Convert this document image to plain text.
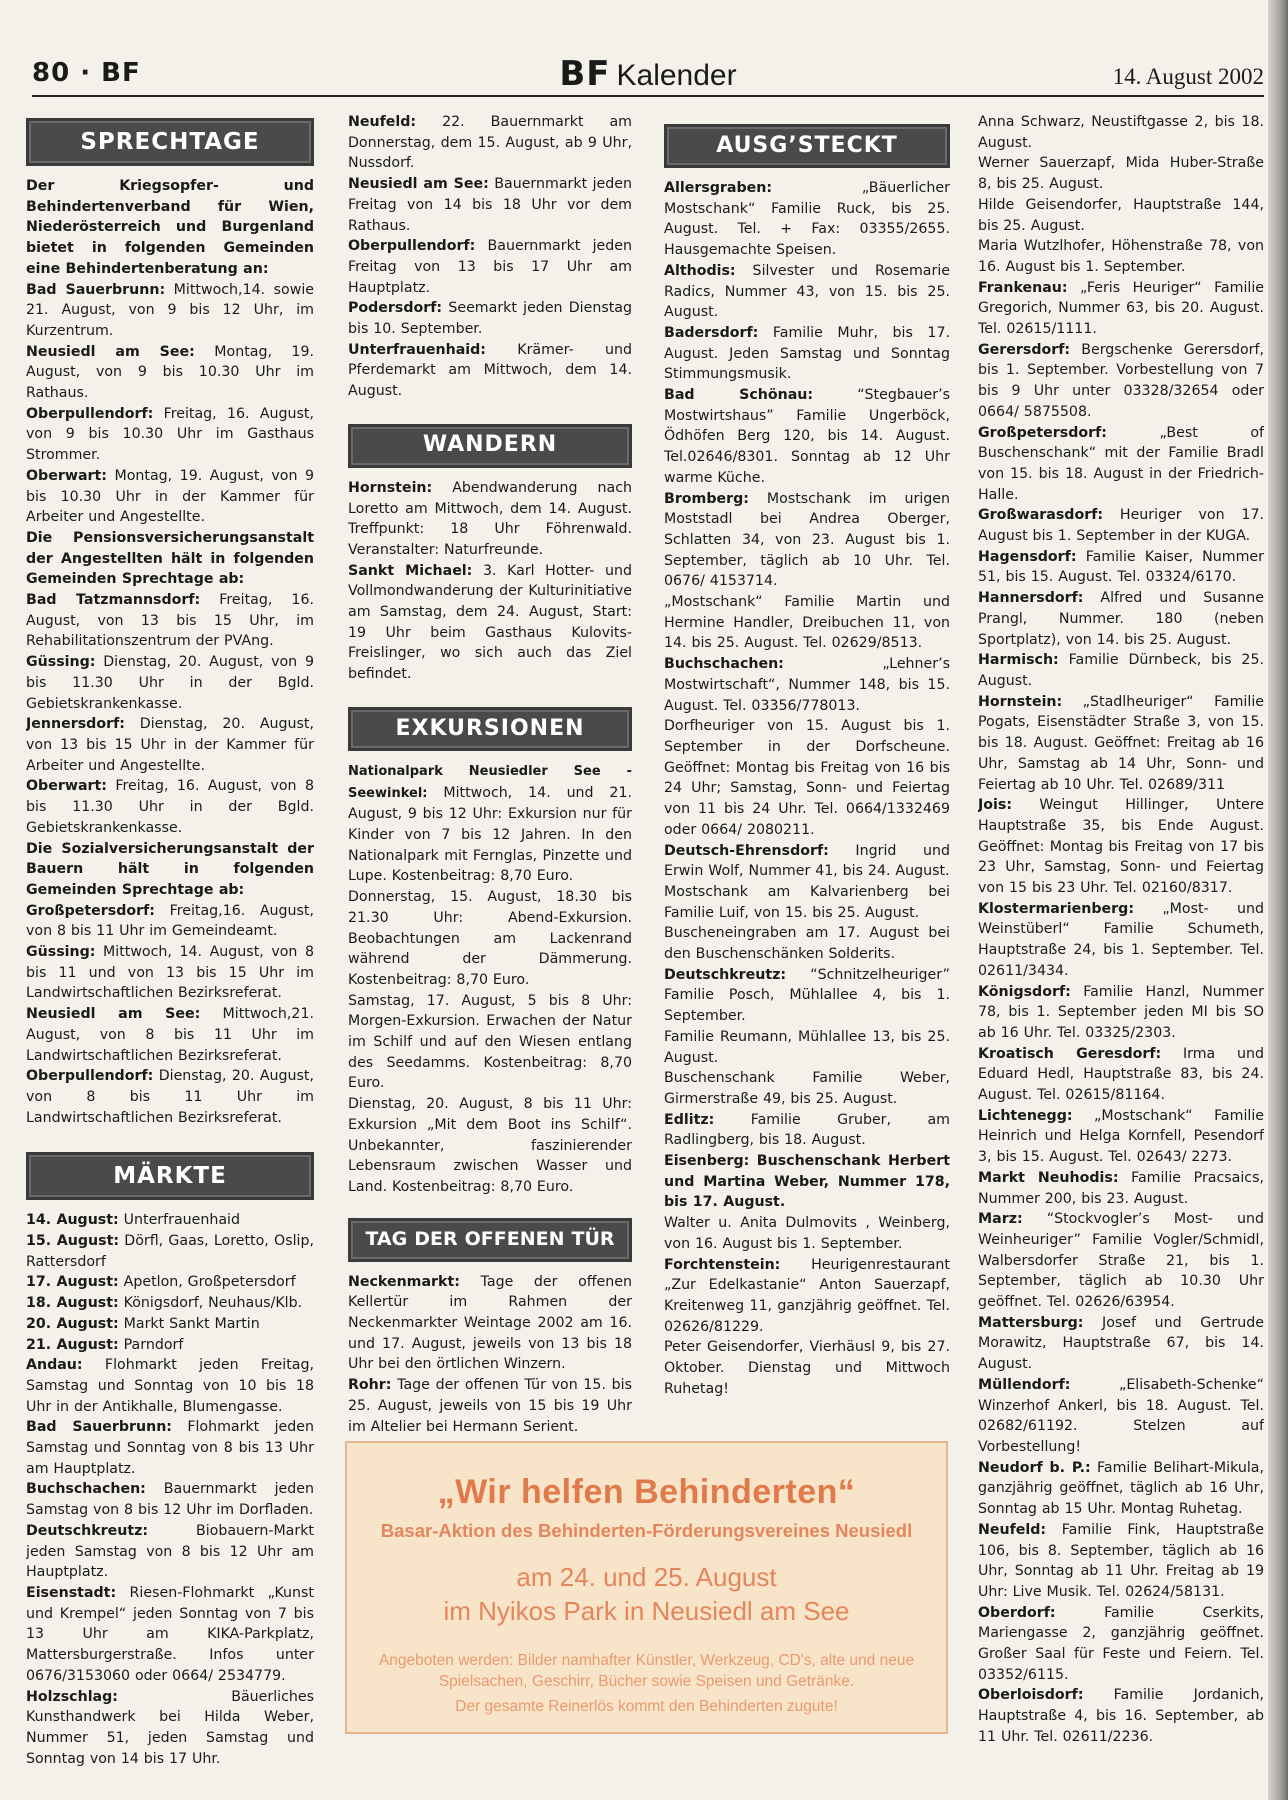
80 · BF	BF Kalender	14. August 2002
SPRECHTAGE

Der Kriegsopfer- und Behindertenverband für Wien, Niederösterreich und Burgenland bietet in folgenden Gemeinden eine Behindertenberatung an:

Bad Sauerbrunn: Mittwoch,14. sowie 21. August, von 9 bis 12 Uhr, im Kurzentrum.

Neusiedl am See: Montag, 19. August, von 9 bis 10.30 Uhr im Rathaus.

Oberpullendorf: Freitag, 16. August, von 9 bis 10.30 Uhr im Gasthaus Strommer.

Oberwart: Montag, 19. August, von 9 bis 10.30 Uhr in der Kammer für Arbeiter und Angestellte.

Die Pensionsversicherungsanstalt der Angestellten hält in folgenden Gemeinden Sprechtage ab:

Bad Tatzmannsdorf: Freitag, 16. August, von 13 bis 15 Uhr, im Rehabilitationszentrum der PVAng.

Güssing: Dienstag, 20. August, von 9 bis 11.30 Uhr in der Bgld. Gebietskrankenkasse.

Jennersdorf: Dienstag, 20. August, von 13 bis 15 Uhr in der Kammer für Arbeiter und Angestellte.

Oberwart: Freitag, 16. August, von 8 bis 11.30 Uhr in der Bgld. Gebietskrankenkasse.

Die Sozialversicherungsanstalt der Bauern hält in folgenden Gemeinden Sprechtage ab:

Großpetersdorf: Freitag,16. August, von 8 bis 11 Uhr im Gemeindeamt.

Güssing: Mittwoch, 14. August, von 8 bis 11 und von 13 bis 15 Uhr im Landwirtschaftlichen Bezirksreferat.

Neusiedl am See: Mittwoch,21. August, von 8 bis 11 Uhr im Landwirtschaftlichen Bezirksreferat.

Oberpullendorf: Dienstag, 20. August, von 8 bis 11 Uhr im Landwirtschaftlichen Bezirksreferat.

MÄRKTE

14. August: Unterfrauenhaid

15. August: Dörfl, Gaas, Loretto, Oslip, Rattersdorf

17. August: Apetlon, Großpetersdorf

18. August: Königsdorf, Neuhaus/Klb.

20. August: Markt Sankt Martin

21. August: Parndorf

Andau: Flohmarkt jeden Freitag, Samstag und Sonntag von 10 bis 18 Uhr in der Antikhalle, Blumengasse.

Bad Sauerbrunn: Flohmarkt jeden Samstag und Sonntag von 8 bis 13 Uhr am Hauptplatz.

Buchschachen: Bauernmarkt jeden Samstag von 8 bis 12 Uhr im Dorfladen.

Deutschkreutz: Biobauern-Markt jeden Samstag von 8 bis 12 Uhr am Hauptplatz.

Eisenstadt: Riesen-Flohmarkt „Kunst und Krempel“ jeden Sonntag von 7 bis 13 Uhr am KIKA-Parkplatz, Mattersburgerstraße. Infos unter 0676/3153060 oder 0664/ 2534779.

Holzschlag: Bäuerliches Kunsthandwerk bei Hilda Weber, Nummer 51, jeden Samstag und Sonntag von 14 bis 17 Uhr.

Neufeld: 22. Bauernmarkt am Donnerstag, dem 15. August, ab 9 Uhr, Nussdorf.

Neusiedl am See: Bauernmarkt jeden Freitag von 14 bis 18 Uhr vor dem Rathaus.

Oberpullendorf: Bauernmarkt jeden Freitag von 13 bis 17 Uhr am Hauptplatz.

Podersdorf: Seemarkt jeden Dienstag bis 10. September.

Unterfrauenhaid: Krämer- und Pferdemarkt am Mittwoch, dem 14. August.

WANDERN

Hornstein: Abendwanderung nach Loretto am Mittwoch, dem 14. August. Treffpunkt: 18 Uhr Föhrenwald. Veranstalter: Naturfreunde.

Sankt Michael: 3. Karl Hotter- und Vollmondwanderung der Kulturinitiative am Samstag, dem 24. August, Start: 19 Uhr beim Gasthaus Kulovits-Freislinger, wo sich auch das Ziel befindet.

EXKURSIONEN

Nationalpark Neusiedler See - Seewinkel: Mittwoch, 14. und 21. August, 9 bis 12 Uhr: Exkursion nur für Kinder von 7 bis 12 Jahren. In den Nationalpark mit Fernglas, Pinzette und Lupe. Kostenbeitrag: 8,70 Euro.

Donnerstag, 15. August, 18.30 bis 21.30 Uhr: Abend-Exkursion. Beobachtungen am Lackenrand während der Dämmerung. Kostenbeitrag: 8,70 Euro.

Samstag, 17. August, 5 bis 8 Uhr: Morgen-Exkursion. Erwachen der Natur im Schilf und auf den Wiesen entlang des Seedamms. Kostenbeitrag: 8,70 Euro.

Dienstag, 20. August, 8 bis 11 Uhr: Exkursion „Mit dem Boot ins Schilf“. Unbekannter, faszinierender Lebensraum zwischen Wasser und Land. Kostenbeitrag: 8,70 Euro.

TAG DER OFFENEN TÜR

Neckenmarkt: Tage der offenen Kellertür im Rahmen der Neckenmarkter Weintage 2002 am 16. und 17. August, jeweils von 13 bis 18 Uhr bei den örtlichen Winzern.

Rohr: Tage der offenen Tür von 15. bis 25. August, jeweils von 15 bis 19 Uhr im Altelier bei Hermann Serient.

AUSG’STECKT

Allersgraben: „Bäuerlicher Mostschank“ Familie Ruck, bis 25. August. Tel. + Fax: 03355/2655. Hausgemachte Speisen.

Althodis: Silvester und Rosemarie Radics, Nummer 43, von 15. bis 25. August.

Badersdorf: Familie Muhr, bis 17. August. Jeden Samstag und Sonntag Stimmungsmusik.

Bad Schönau: “Stegbauer’s Mostwirtshaus” Familie Ungerböck, Ödhöfen Berg 120, bis 14. August. Tel.02646/8301. Sonntag ab 12 Uhr warme Küche.

Bromberg: Mostschank im urigen Moststadl bei Andrea Oberger, Schlatten 34, von 23. August bis 1. September, täglich ab 10 Uhr. Tel. 0676/ 4153714.

„Mostschank“ Familie Martin und Hermine Handler, Dreibuchen 11, von 14. bis 25. August. Tel. 02629/8513.

Buchschachen: „Lehner’s Mostwirtschaft“, Nummer 148, bis 15. August. Tel. 03356/778013.

Dorfheuriger von 15. August bis 1. September in der Dorfscheune. Geöffnet: Montag bis Freitag von 16 bis 24 Uhr; Samstag, Sonn- und Feiertag von 11 bis 24 Uhr. Tel. 0664/1332469 oder 0664/ 2080211.

Deutsch-Ehrensdorf: Ingrid und Erwin Wolf, Nummer 41, bis 24. August.

Mostschank am Kalvarienberg bei Familie Luif, von 15. bis 25. August.

Buscheneingraben am 17. August bei den Buschenschänken Solderits.

Deutschkreutz: “Schnitzelheuriger” Familie Posch, Mühlallee 4, bis 1. September.

Familie Reumann, Mühlallee 13, bis 25. August.

Buschenschank Familie Weber, Girmerstraße 49, bis 25. August.

Edlitz: Familie Gruber, am Radlingberg, bis 18. August.

Eisenberg: Buschenschank Herbert und Martina Weber, Nummer 178, bis 17. August.

Walter u. Anita Dulmovits , Weinberg, von 16. August bis 1. September.

Forchtenstein: Heurigenrestaurant „Zur Edelkastanie“ Anton Sauerzapf, Kreitenweg 11, ganzjährig geöffnet. Tel. 02626/81229.

Peter Geisendorfer, Vierhäusl 9, bis 27. Oktober. Dienstag und Mittwoch Ruhetag!

Anna Schwarz, Neustiftgasse 2, bis 18. August.

Werner Sauerzapf, Mida Huber-Straße 8, bis 25. August.

Hilde Geisendorfer, Hauptstraße 144, bis 25. August.

Maria Wutzlhofer, Höhenstraße 78, von 16. August bis 1. September.

Frankenau: „Feris Heuriger“ Familie Gregorich, Nummer 63, bis 20. August. Tel. 02615/1111.

Gerersdorf: Bergschenke Gerersdorf, bis 1. September. Vorbestellung von 7 bis 9 Uhr unter 03328/32654 oder 0664/ 5875508.

Großpetersdorf: „Best of Buschenschank“ mit der Familie Bradl von 15. bis 18. August in der Friedrich-Halle.

Großwarasdorf: Heuriger von 17. August bis 1. September in der KUGA.

Hagensdorf: Familie Kaiser, Nummer 51, bis 15. August. Tel. 03324/6170.

Hannersdorf: Alfred und Susanne Prangl, Nummer. 180 (neben Sportplatz), von 14. bis 25. August.

Harmisch: Familie Dürnbeck, bis 25. August.

Hornstein: „Stadlheuriger“ Familie Pogats, Eisenstädter Straße 3, von 15. bis 18. August. Geöffnet: Freitag ab 16 Uhr, Samstag ab 14 Uhr, Sonn- und Feiertag ab 10 Uhr. Tel. 02689/311

Jois: Weingut Hillinger, Untere Hauptstraße 35, bis Ende August. Geöffnet: Montag bis Freitag von 17 bis 23 Uhr, Samstag, Sonn- und Feiertag von 15 bis 23 Uhr. Tel. 02160/8317.

Klostermarienberg: „Most- und Weinstüberl“ Familie Schumeth, Hauptstraße 24, bis 1. September. Tel. 02611/3434.

Königsdorf: Familie Hanzl, Nummer 78, bis 1. September jeden MI bis SO ab 16 Uhr. Tel. 03325/2303.

Kroatisch Geresdorf: Irma und Eduard Hedl, Hauptstraße 83, bis 24. August. Tel. 02615/81164.

Lichtenegg: „Mostschank“ Familie Heinrich und Helga Kornfell, Pesendorf 3, bis 15. August. Tel. 02643/ 2273.

Markt Neuhodis: Familie Pracsaics, Nummer 200, bis 23. August.

Marz: “Stockvogler’s Most- und Weinheuriger” Familie Vogler/Schmidl, Walbersdorfer Straße 21, bis 1. September, täglich ab 10.30 Uhr geöffnet. Tel. 02626/63954.

Mattersburg: Josef und Gertrude Morawitz, Hauptstraße 67, bis 14. August.

Müllendorf: „Elisabeth-Schenke“ Winzerhof Ankerl, bis 18. August. Tel. 02682/61192. Stelzen auf Vorbestellung!

Neudorf b. P.: Familie Belihart-Mikula, ganzjährig geöffnet, täglich ab 16 Uhr, Sonntag ab 15 Uhr. Montag Ruhetag.

Neufeld: Familie Fink, Hauptstraße 106, bis 8. September, täglich ab 16 Uhr, Sonntag ab 11 Uhr. Freitag ab 19 Uhr: Live Musik. Tel. 02624/58131.

Oberdorf: Familie Cserkits, Mariengasse 2, ganzjährig geöffnet. Großer Saal für Feste und Feiern. Tel. 03352/6115.

Oberloisdorf: Familie Jordanich, Hauptstraße 4, bis 16. September, ab 11 Uhr. Tel. 02611/2236.

„Wir helfen Behinderten“
Basar-Aktion des Behinderten-Förderungsvereines Neusiedl
am 24. und 25. August
im Nyikos Park in Neusiedl am See
Angeboten werden: Bilder namhafter Künstler, Werkzeug, CD's, alte und neue Spielsachen, Geschirr, Bücher sowie Speisen und Getränke.
Der gesamte Reinerlös kommt den Behinderten zugute!
